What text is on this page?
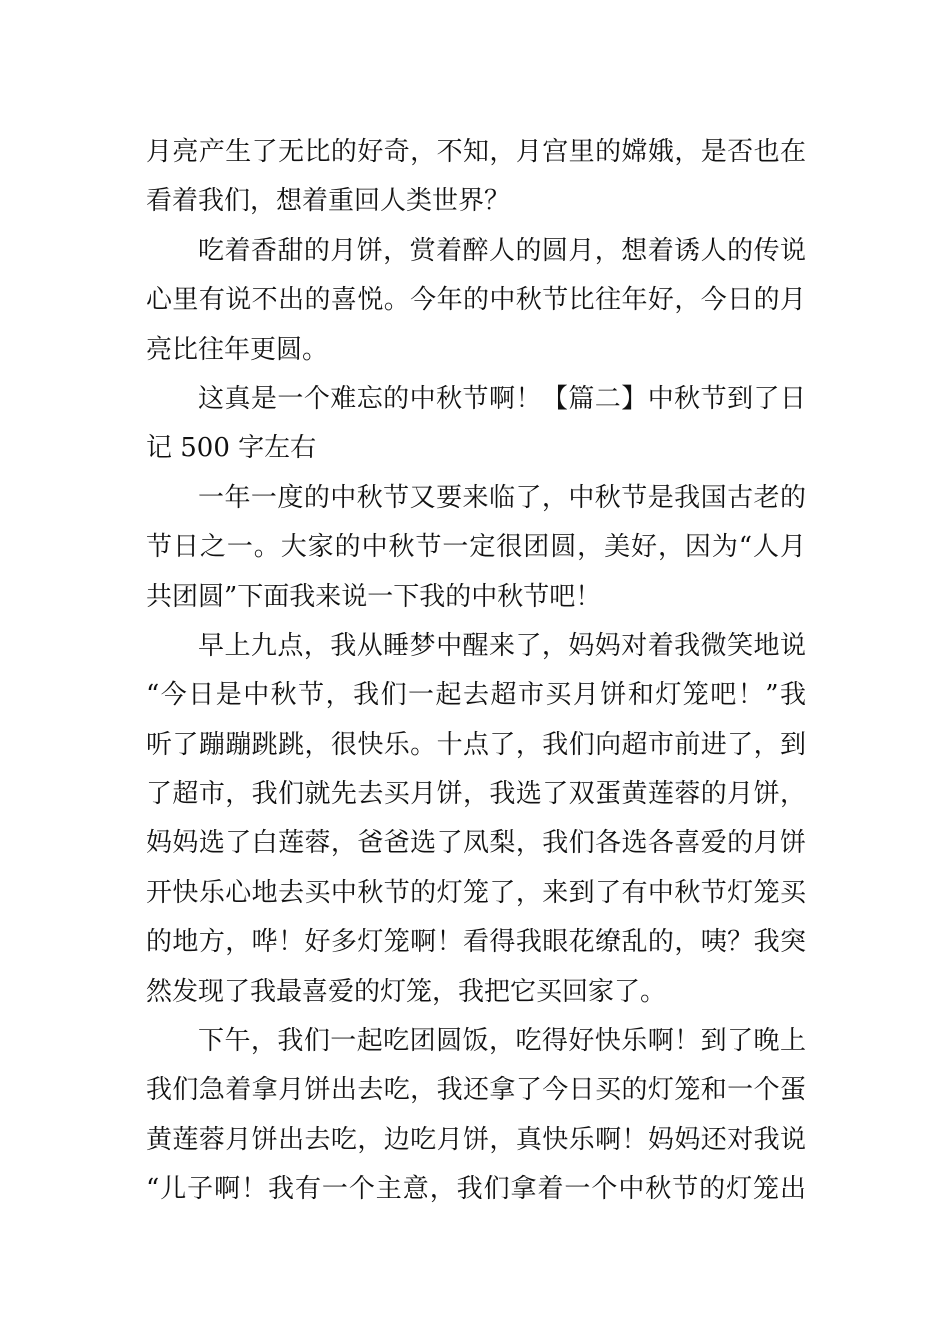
月亮产生了无比的好奇，不知，月宫里的嫦娥，是否也在
看着我们，想着重回人类世界？
吃着香甜的月饼，赏着醉人的圆月，想着诱人的传说
心里有说不出的喜悦。今年的中秋节比往年好，今日的月
亮比往年更圆。
这真是一个难忘的中秋节啊！【篇二】中秋节到了日
记 500 字左右
一年一度的中秋节又要来临了，中秋节是我国古老的
节日之一。大家的中秋节一定很团圆，美好，因为“人月
共团圆”下面我来说一下我的中秋节吧！
早上九点，我从睡梦中醒来了，妈妈对着我微笑地说
“今日是中秋节，我们一起去超市买月饼和灯笼吧！”我
听了蹦蹦跳跳，很快乐。十点了，我们向超市前进了，到
了超市，我们就先去买月饼，我选了双蛋黄莲蓉的月饼，
妈妈选了白莲蓉，爸爸选了凤梨，我们各选各喜爱的月饼
开快乐心地去买中秋节的灯笼了，来到了有中秋节灯笼买
的地方，哗！好多灯笼啊！看得我眼花缭乱的，咦？我突
然发现了我最喜爱的灯笼，我把它买回家了。
下午，我们一起吃团圆饭，吃得好快乐啊！到了晚上
我们急着拿月饼出去吃，我还拿了今日买的灯笼和一个蛋
黄莲蓉月饼出去吃，边吃月饼，真快乐啊！妈妈还对我说
“儿子啊！我有一个主意，我们拿着一个中秋节的灯笼出
